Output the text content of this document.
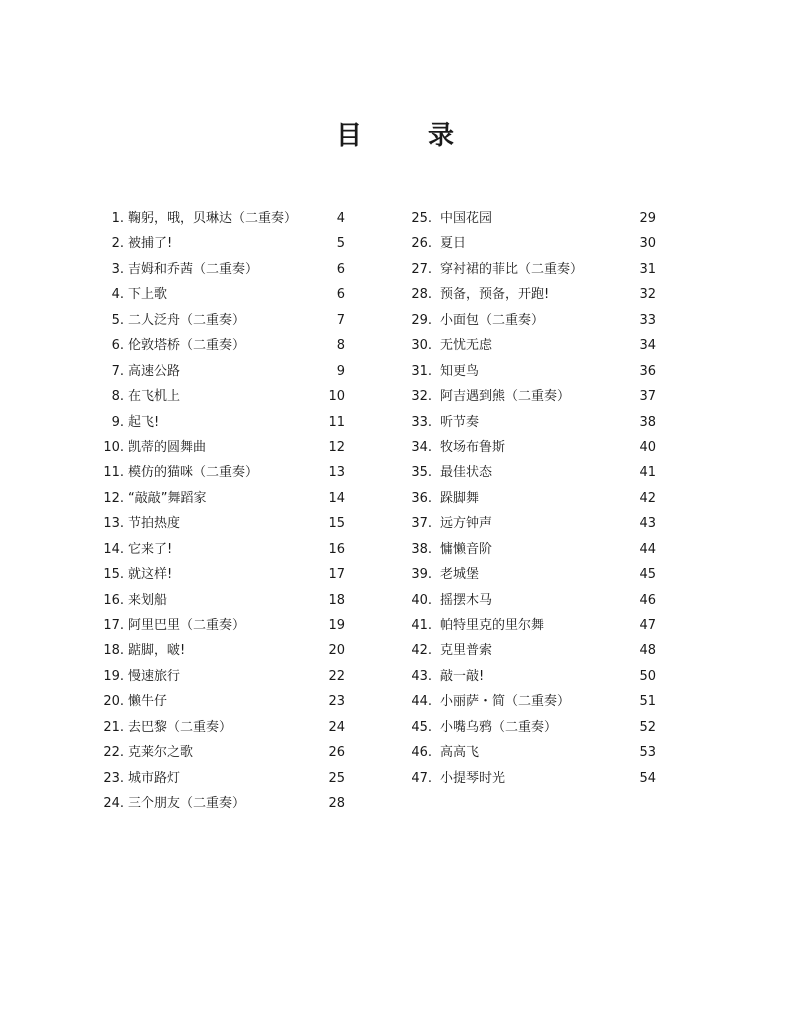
目　录
1. 鞠躬，哦，贝琳达（二重奏）	4
2. 被捕了!	5
3. 吉姆和乔茜（二重奏）	6
4. 下上歌	6
5. 二人泛舟（二重奏）	7
6. 伦敦塔桥（二重奏）	8
7. 高速公路	9
8. 在飞机上	10
9. 起飞!	11
10. 凯蒂的圆舞曲	12
11. 模仿的猫咪（二重奏）	13
12. “敲敲”舞蹈家	14
13. 节拍热度	15
14. 它来了!	16
15. 就这样!	17
16. 来划船	18
17. 阿里巴里（二重奏）	19
18. 踮脚，啵!	20
19. 慢速旅行	22
20. 懒牛仔	23
21. 去巴黎（二重奏）	24
22. 克莱尔之歌	26
23. 城市路灯	25
24. 三个朋友（二重奏）	28
25. 中国花园	29
26. 夏日	30
27. 穿衬裙的菲比（二重奏）	31
28. 预备，预备，开跑!	32
29. 小面包（二重奏）	33
30. 无忧无虑	34
31. 知更鸟	36
32. 阿吉遇到熊（二重奏）	37
33. 听节奏	38
34. 牧场布鲁斯	40
35. 最佳状态	41
36. 跺脚舞	42
37. 远方钟声	43
38. 慵懒音阶	44
39. 老城堡	45
40. 摇摆木马	46
41. 帕特里克的里尔舞	47
42. 克里普索	48
43. 敲一敲!	50
44. 小丽萨・简（二重奏）	51
45. 小嘴乌鸦（二重奏）	52
46. 高高飞	53
47. 小提琴时光	54
